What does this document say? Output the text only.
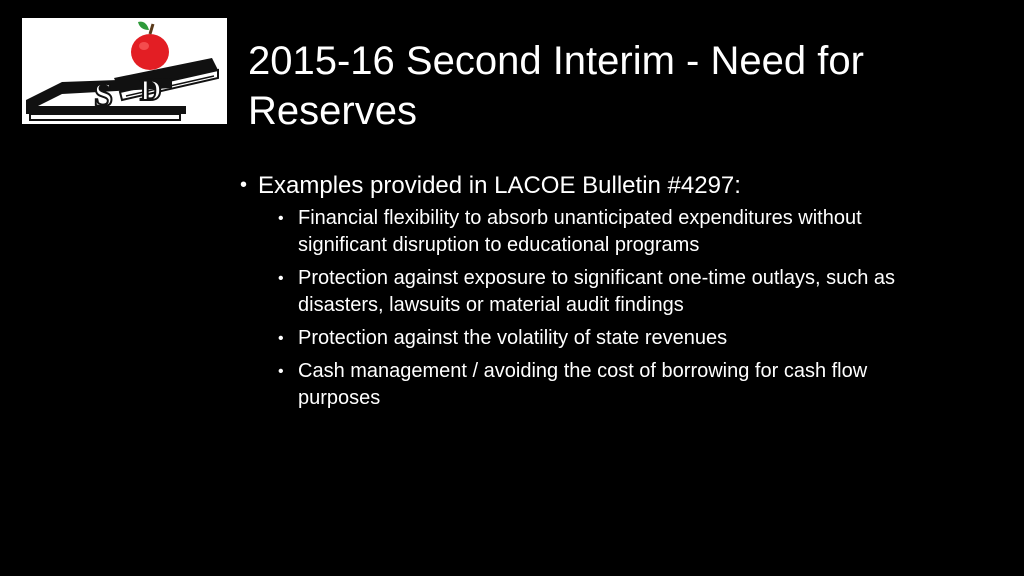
S D
2015-16 Second Interim - Need for Reserves
• Examples provided in LACOE Bulletin #4297:
• Financial flexibility to absorb unanticipated expenditures without significant disruption to educational programs
• Protection against exposure to significant one-time outlays, such as disasters, lawsuits or material audit findings
• Protection against the volatility of state revenues
• Cash management / avoiding the cost of borrowing for cash flow purposes
